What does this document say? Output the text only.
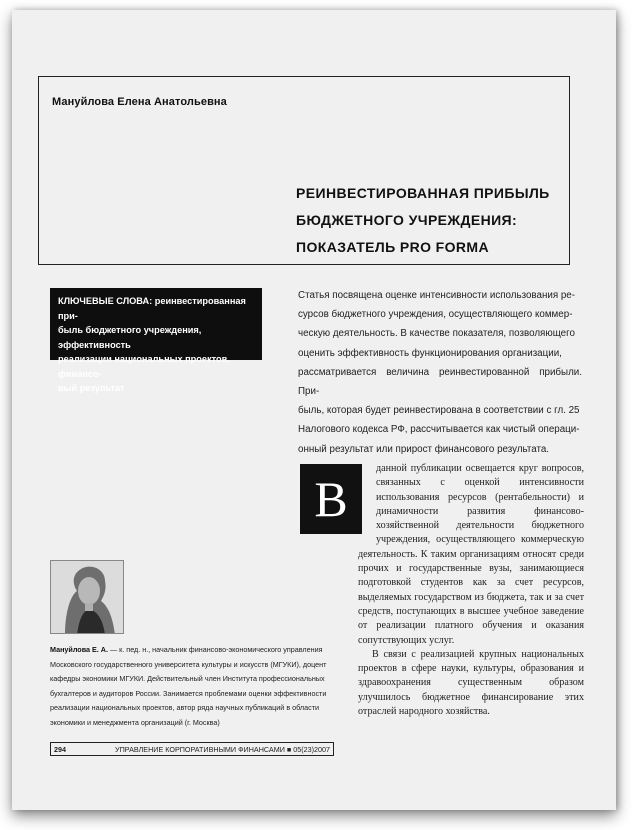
Мануйлова Елена Анатольевна
РЕИНВЕСТИРОВАННАЯ ПРИБЫЛЬ
БЮДЖЕТНОГО УЧРЕЖДЕНИЯ:
ПОКАЗАТЕЛЬ PRO FORMA
КЛЮЧЕВЫЕ СЛОВА: реинвестированная при-
быль бюджетного учреждения, эффективность
реализации национальных проектов, финансо-
вый результат
Статья посвящена оценке интенсивности использования ре-
сурсов бюджетного учреждения, осуществляющего коммер-
ческую деятельность. В качестве показателя, позволяющего
оценить эффективность функционирования организации,
рассматривается величина реинвестированной прибыли. При-
быль, которая будет реинвестирована в соответствии с гл. 25
Налогового кодекса РФ, рассчитывается как чистый операци-
онный результат или прирост финансового результата.
В

данной публикации освещается круг вопросов, связанных с оценкой интенсивности использования ресурсов (рентабельности) и динамичности развития финансово-хозяйственной деятельности бюджетного учреждения, осуществляющего коммерческую деятельность. К таким организациям относят среди прочих и государственные вузы, занимающиеся подготовкой студентов как за счет ресурсов, выделяемых государством из бюджета, так и за счет средств, поступающих в высшее учебное заведение от реализации платного обучения и оказания сопутствующих услуг.

В связи с реализацией крупных национальных проектов в сфере науки, культуры, образования и здравоохранения существенным образом улучшилось бюджетное финансирование этих отраслей народного хозяйства.

Мануйлова Е. А. — к. пед. н., начальник финансово-экономического управления Московского государственного университета культуры и искусств (МГУКИ), доцент кафедры экономики МГУКИ. Действительный член Института профессиональных бухгалтеров и аудиторов России. Занимается проблемами оценки эффективности реализации национальных проектов, автор ряда научных публикаций в области экономики и менеджмента организаций (г. Москва)
294	УПРАВЛЕНИЕ КОРПОРАТИВНЫМИ ФИНАНСАМИ ■ 05(23)2007
